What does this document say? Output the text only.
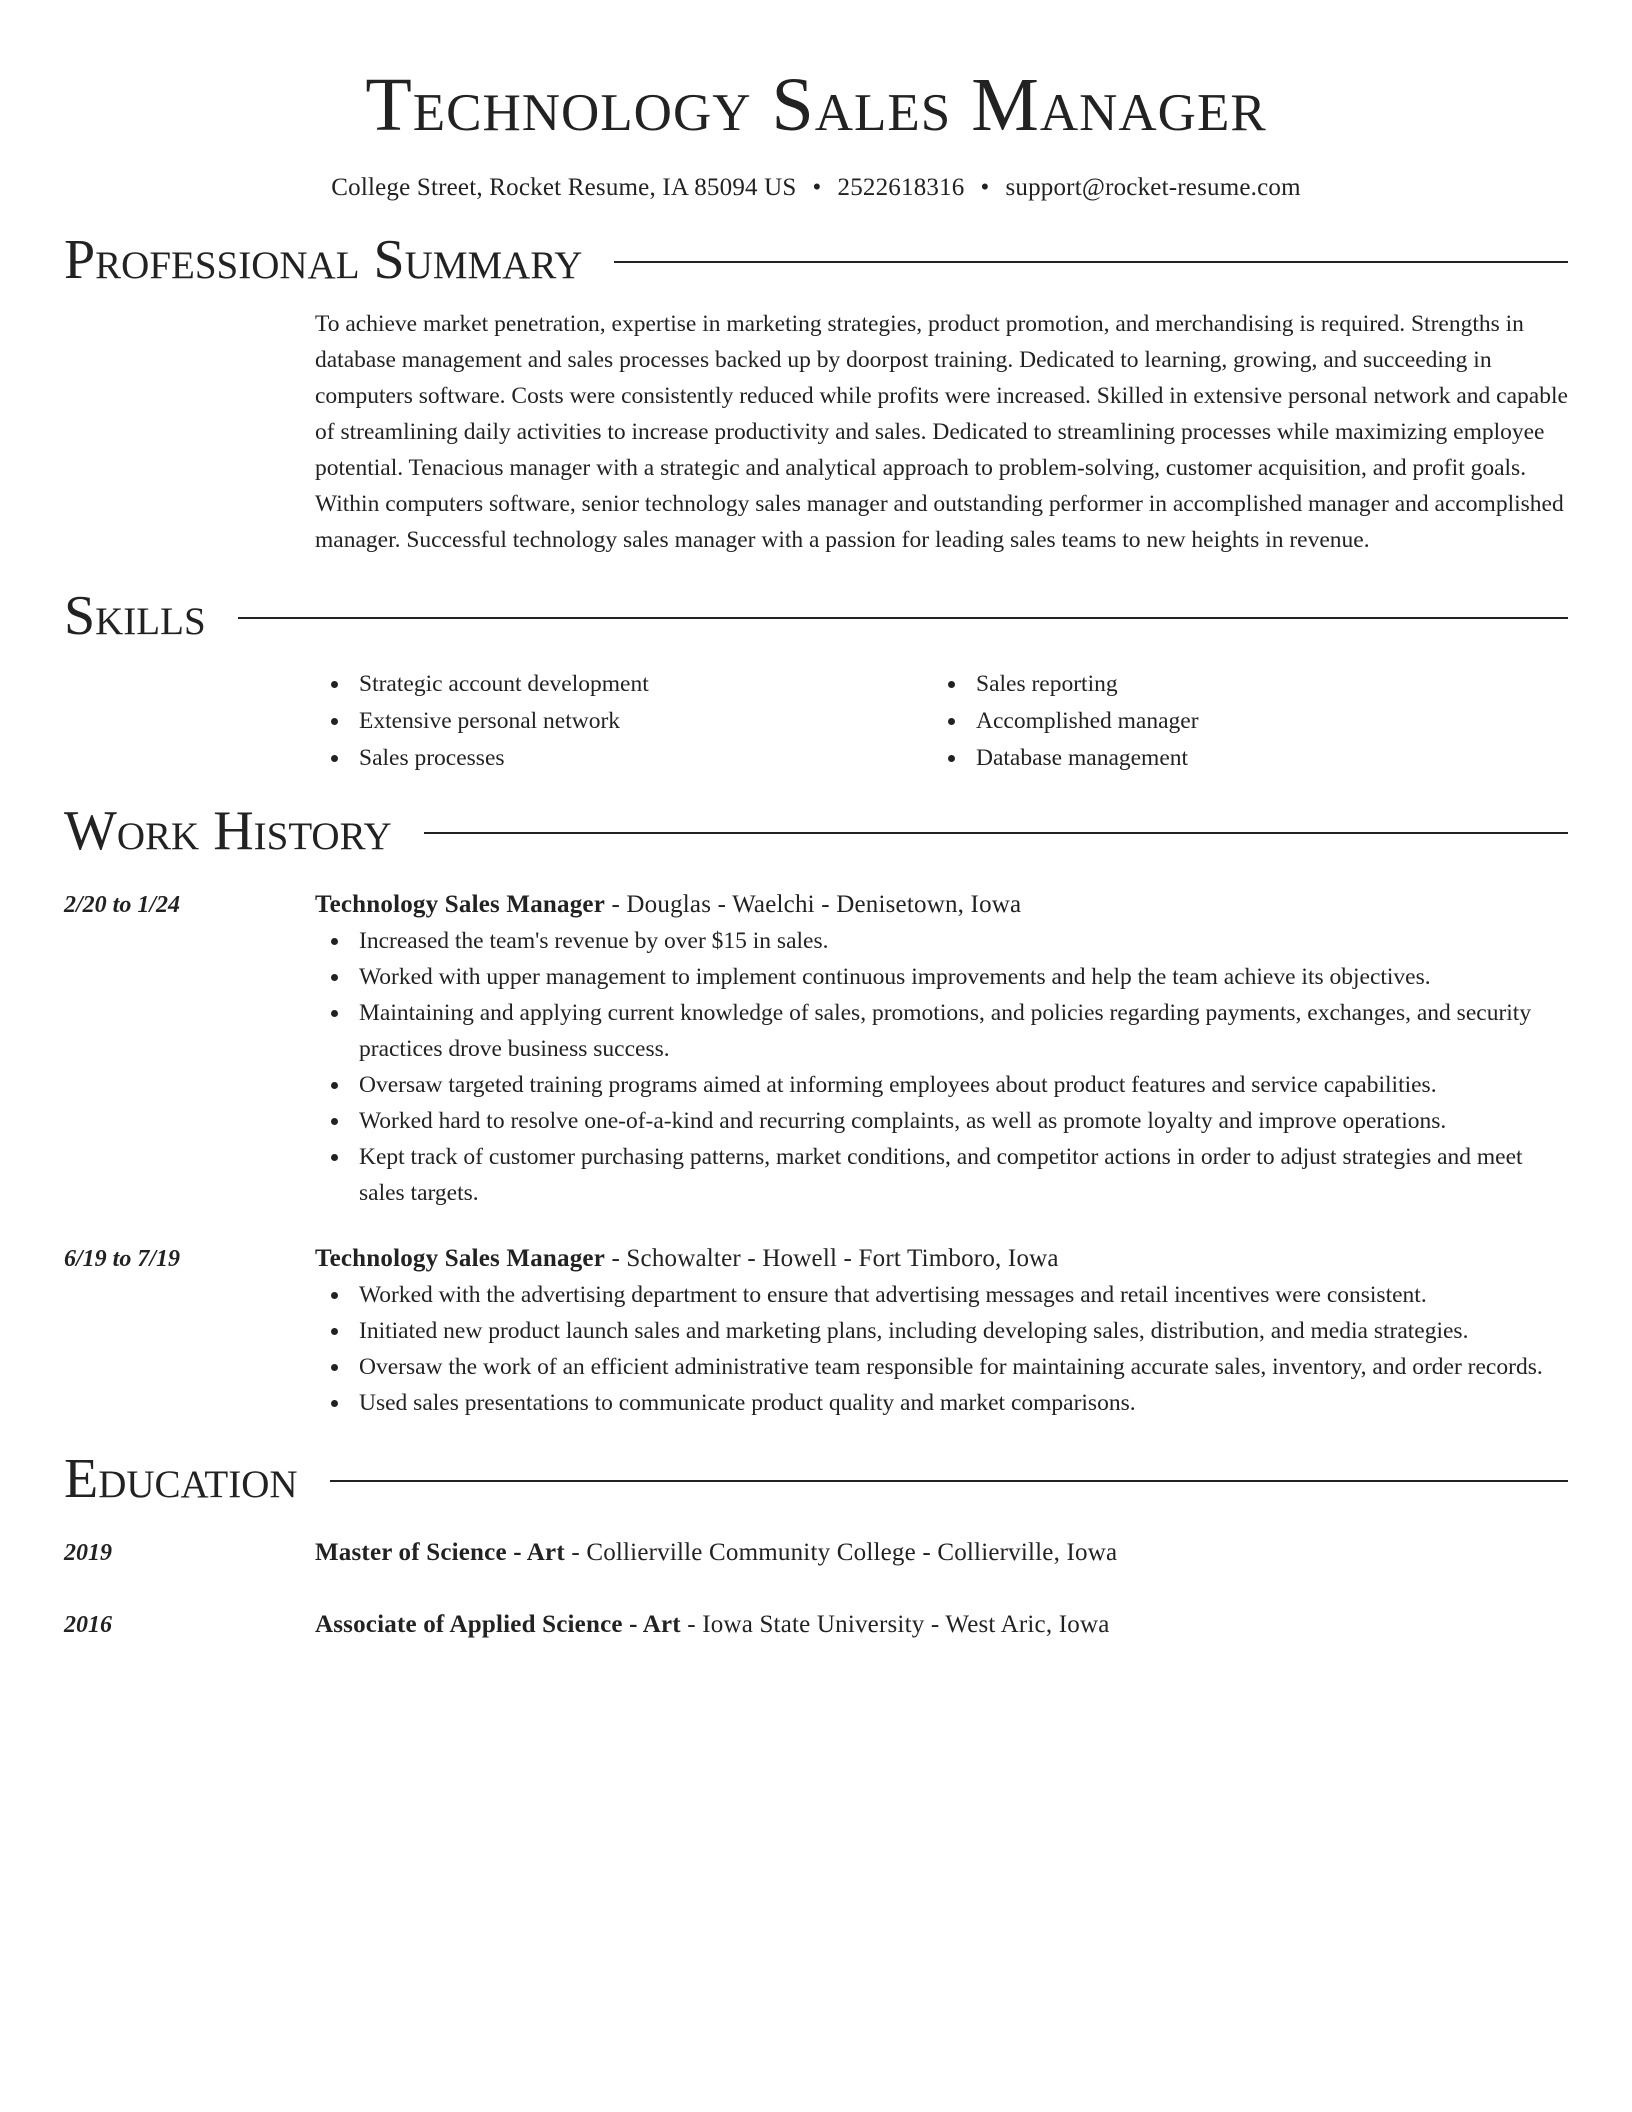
Technology Sales Manager
College Street, Rocket Resume, IA 85094 US • 2522618316 • support@rocket-resume.com
Professional Summary
To achieve market penetration, expertise in marketing strategies, product promotion, and merchandising is required. Strengths in database management and sales processes backed up by doorpost training. Dedicated to learning, growing, and succeeding in computers software. Costs were consistently reduced while profits were increased. Skilled in extensive personal network and capable of streamlining daily activities to increase productivity and sales. Dedicated to streamlining processes while maximizing employee potential. Tenacious manager with a strategic and analytical approach to problem-solving, customer acquisition, and profit goals. Within computers software, senior technology sales manager and outstanding performer in accomplished manager and accomplished manager. Successful technology sales manager with a passion for leading sales teams to new heights in revenue.
Skills
Strategic account development
Extensive personal network
Sales processes
Sales reporting
Accomplished manager
Database management
Work History
2/20 to 1/24	Technology Sales Manager - Douglas - Waelchi - Denisetown, Iowa
Increased the team's revenue by over $15 in sales.
Worked with upper management to implement continuous improvements and help the team achieve its objectives.
Maintaining and applying current knowledge of sales, promotions, and policies regarding payments, exchanges, and security practices drove business success.
Oversaw targeted training programs aimed at informing employees about product features and service capabilities.
Worked hard to resolve one-of-a-kind and recurring complaints, as well as promote loyalty and improve operations.
Kept track of customer purchasing patterns, market conditions, and competitor actions in order to adjust strategies and meet sales targets.
6/19 to 7/19	Technology Sales Manager - Schowalter - Howell - Fort Timboro, Iowa
Worked with the advertising department to ensure that advertising messages and retail incentives were consistent.
Initiated new product launch sales and marketing plans, including developing sales, distribution, and media strategies.
Oversaw the work of an efficient administrative team responsible for maintaining accurate sales, inventory, and order records.
Used sales presentations to communicate product quality and market comparisons.
Education
2019	Master of Science - Art - Collierville Community College - Collierville, Iowa
2016	Associate of Applied Science - Art - Iowa State University - West Aric, Iowa
